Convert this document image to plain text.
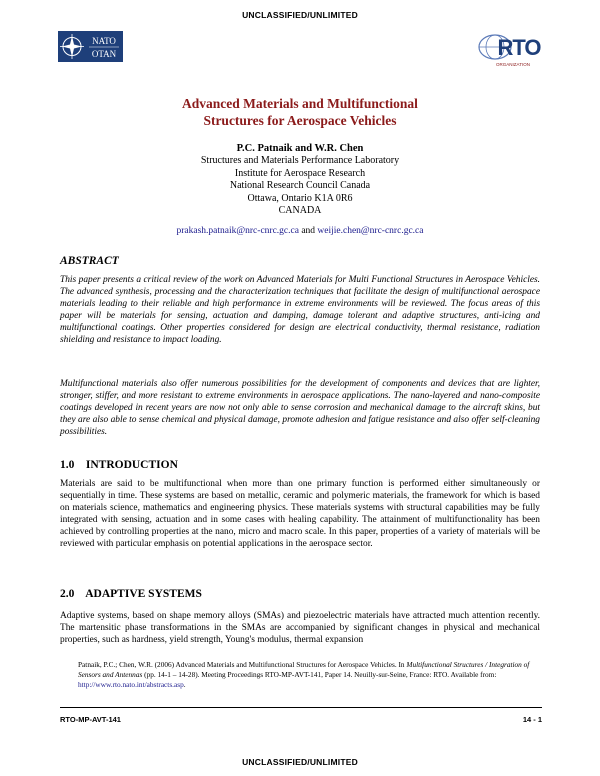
UNCLASSIFIED/UNLIMITED
NATO
OTAN	RTO
ORGANIZATION
Advanced Materials and Multifunctional
Structures for Aerospace Vehicles
P.C. Patnaik and W.R. Chen
Structures and Materials Performance Laboratory
Institute for Aerospace Research
National Research Council Canada
Ottawa, Ontario K1A 0R6
CANADA
prakash.patnaik@nrc-cnrc.gc.ca and weijie.chen@nrc-cnrc.gc.ca
ABSTRACT
This paper presents a critical review of the work on Advanced Materials for Multi Functional Structures in Aerospace Vehicles. The advanced synthesis, processing and the characterization techniques that facilitate the design of multifunctional aerospace materials leading to their reliable and high performance in extreme environments will be reviewed. The focus areas of this paper will be materials for sensing, actuation and damping, damage tolerant and adaptive structures, anti-icing and multifunctional coatings. Other properties considered for design are electrical conductivity, thermal resistance, radiation shielding and resistance to impact loading.
Multifunctional materials also offer numerous possibilities for the development of components and devices that are lighter, stronger, stiffer, and more resistant to extreme environments in aerospace applications. The nano-layered and nano-composite coatings developed in recent years are now not only able to sense corrosion and mechanical damage to the aircraft skins, but they are also able to sense chemical and physical damage, promote adhesion and fatigue resistance and also offer self-cleaning possibilities.
1.0    INTRODUCTION
Materials are said to be multifunctional when more than one primary function is performed either simultaneously or sequentially in time. These systems are based on metallic, ceramic and polymeric materials, the framework for which is based on materials science, mathematics and engineering physics. These materials systems with structural capabilities may be fully integrated with sensing, actuation and in some cases with healing capability. The attainment of multifunctionality has been achieved by controlling properties at the nano, micro and macro scale. In this paper, properties of a variety of materials will be reviewed with particular emphasis on potential applications in the aerospace sector.
2.0    ADAPTIVE SYSTEMS
Adaptive systems, based on shape memory alloys (SMAs) and piezoelectric materials have attracted much attention recently. The martensitic phase transformations in the SMAs are accompanied by significant changes in physical and mechanical properties, such as hardness, yield strength, Young's modulus, thermal expansion
Patnaik, P.C.; Chen, W.R. (2006) Advanced Materials and Multifunctional Structures for Aerospace Vehicles. In Multifunctional Structures / Integration of Sensors and Antennas (pp. 14-1 – 14-28). Meeting Proceedings RTO-MP-AVT-141, Paper 14. Neuilly-sur-Seine, France: RTO. Available from: http://www.rto.nato.int/abstracts.asp.
RTO-MP-AVT-141	14 - 1
UNCLASSIFIED/UNLIMITED
